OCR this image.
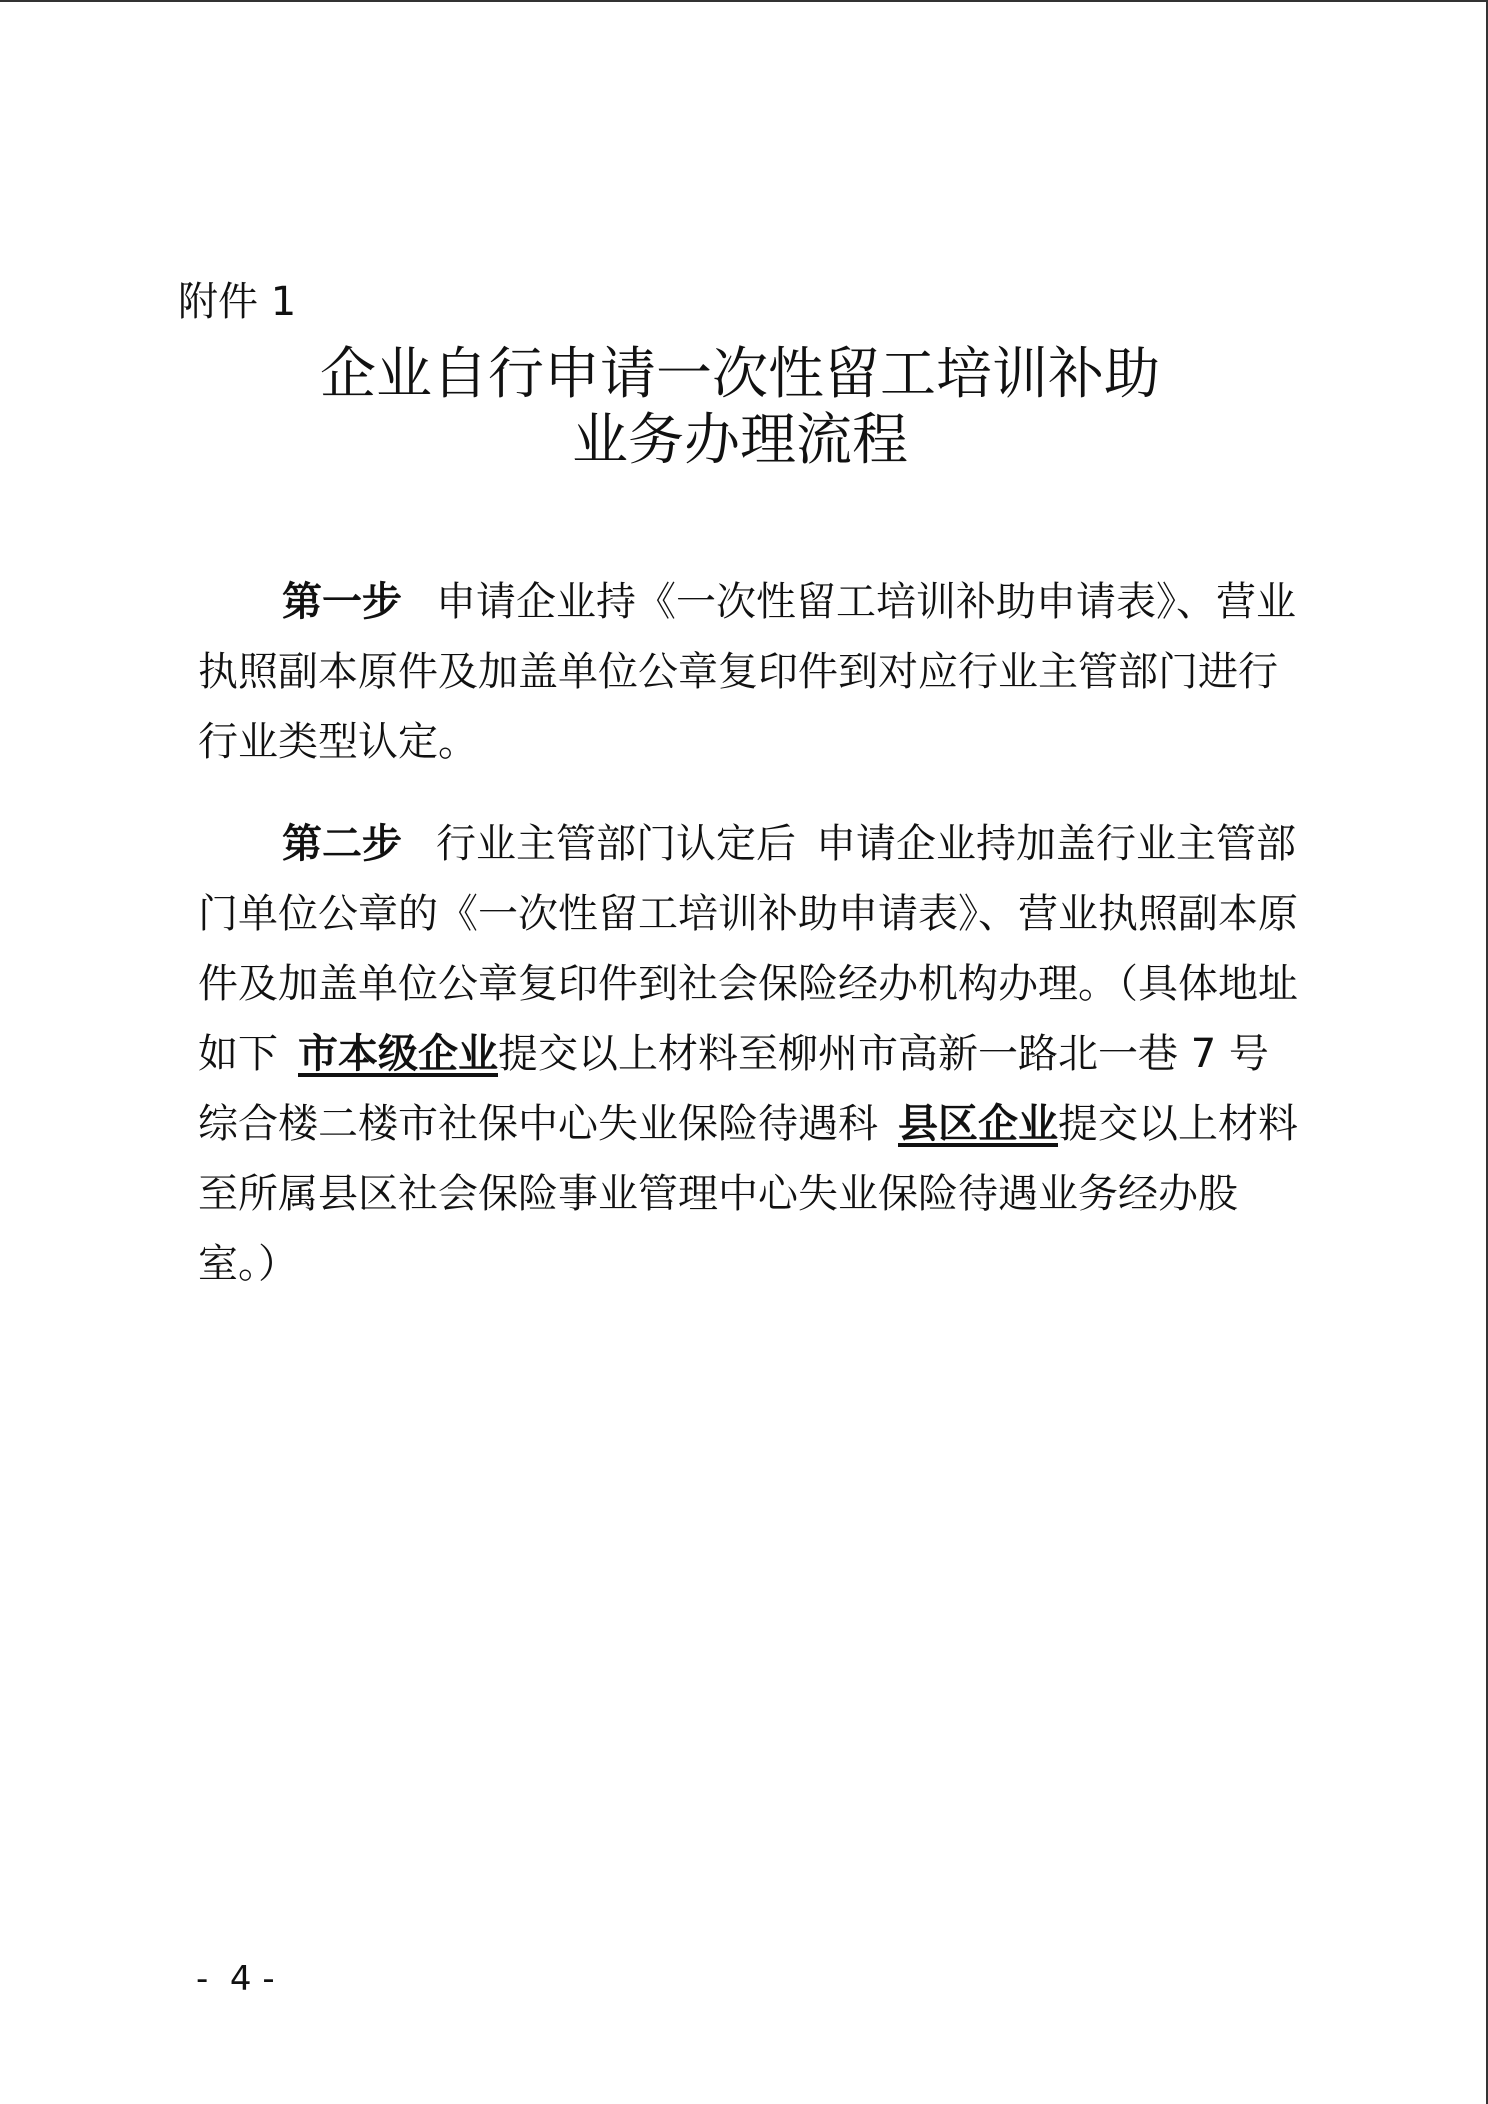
附件 1
企业自行申请一次性留工培训补助
业务办理流程

第一步 申请企业持《一次性留工培训补助申请表》、营业执照副本原件及加盖单位公章复印件到对应行业主管部门进行行业类型认定。

第二步 行业主管部门认定后 申请企业持加盖行业主管部门单位公章的《一次性留工培训补助申请表》、营业执照副本原件及加盖单位公章复印件到社会保险经办机构办理。（具体地址如下 市本级企业提交以上材料至柳州市高新一路北一巷 7 号综合楼二楼市社保中心失业保险待遇科 县区企业提交以上材料至所属县区社会保险事业管理中心失业保险待遇业务经办股室。）

-  4 -
